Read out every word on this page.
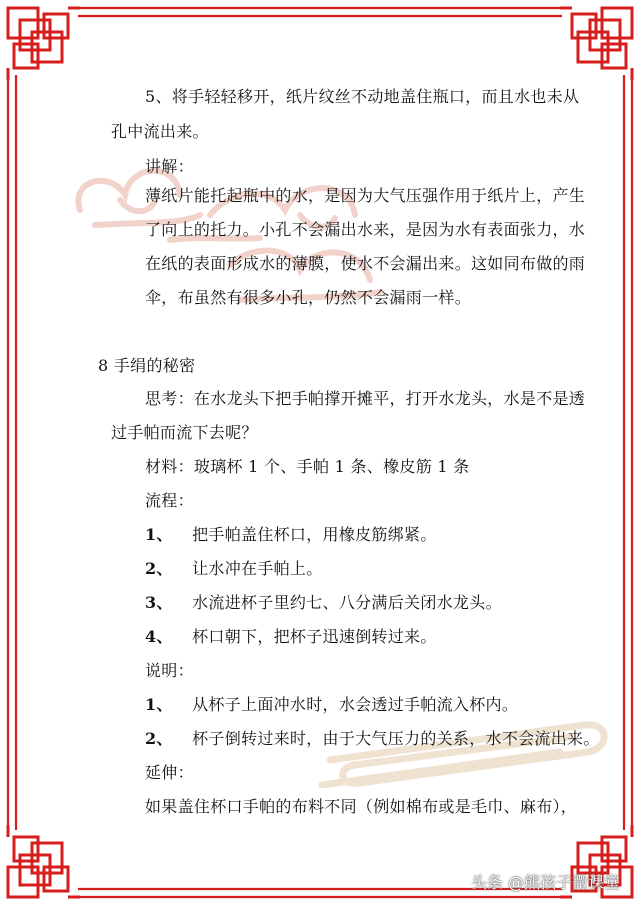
5、将手轻轻移开，纸片纹丝不动地盖住瓶口，而且水也未从
孔中流出来。
讲解：
薄纸片能托起瓶中的水，是因为大气压强作用于纸片上，产生
了向上的托力。小孔不会漏出水来，是因为水有表面张力，水
在纸的表面形成水的薄膜，使水不会漏出来。这如同布做的雨
伞，布虽然有很多小孔，仍然不会漏雨一样。
8 手绢的秘密
思考：在水龙头下把手帕撑开摊平，打开水龙头，水是不是透
过手帕而流下去呢？
材料：玻璃杯 1 个、手帕 1 条、橡皮筋 1 条
流程：
1、 把手帕盖住杯口，用橡皮筋绑紧。
2、 让水冲在手帕上。
3、 水流进杯子里约七、八分满后关闭水龙头。
4、 杯口朝下，把杯子迅速倒转过来。
说明：
1、 从杯子上面冲水时，水会透过手帕流入杯内。
2、 杯子倒转过来时，由于大气压力的关系，水不会流出来。
延伸：
如果盖住杯口手帕的布料不同（例如棉布或是毛巾、麻布），
头条 @熊孩子微课堂
